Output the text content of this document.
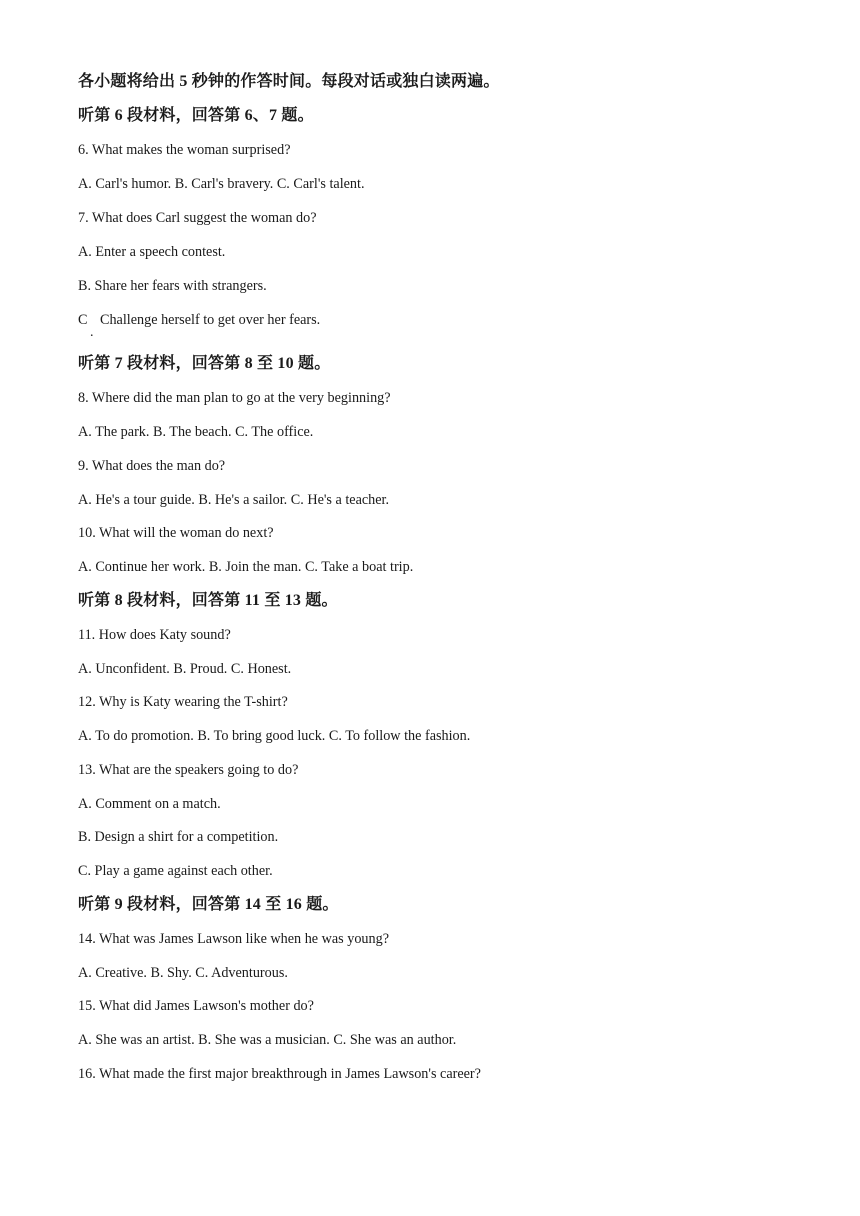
各小题将给出 5 秒钟的作答时间。每段对话或独白读两遍。
听第 6 段材料，回答第 6、7 题。
6. What makes the woman surprised?
A. Carl's humor. B. Carl's bravery. C. Carl's talent.
7. What does Carl suggest the woman do?
A. Enter a speech contest.
B. Share her fears with strangers.
C
.
Challenge herself to get over her fears.
听第 7 段材料，回答第 8 至 10 题。
8. Where did the man plan to go at the very beginning?
A. The park. B. The beach. C. The office.
9. What does the man do?
A. He's a tour guide. B. He's a sailor. C. He's a teacher.
10. What will the woman do next?
A. Continue her work. B. Join the man. C. Take a boat trip.
听第 8 段材料，回答第 11 至 13 题。
11. How does Katy sound?
A. Unconfident. B. Proud. C. Honest.
12. Why is Katy wearing the T-shirt?
A. To do promotion. B. To bring good luck. C. To follow the fashion.
13. What are the speakers going to do?
A. Comment on a match.
B. Design a shirt for a competition.
C. Play a game against each other.
听第 9 段材料，回答第 14 至 16 题。
14. What was James Lawson like when he was young?
A. Creative. B. Shy. C. Adventurous.
15. What did James Lawson's mother do?
A. She was an artist. B. She was a musician. C. She was an author.
16. What made the first major breakthrough in James Lawson's career?
